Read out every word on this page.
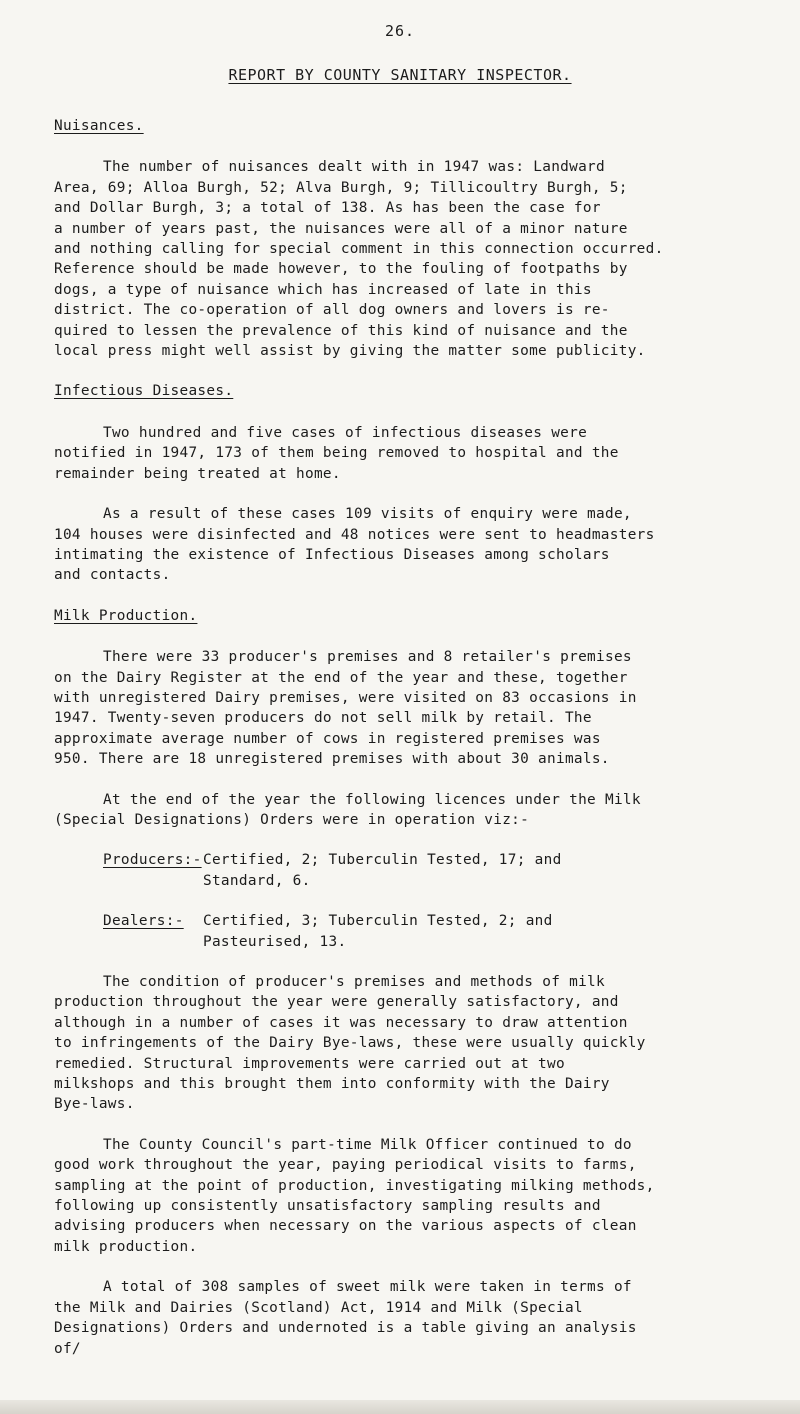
26.
REPORT BY COUNTY SANITARY INSPECTOR.
Nuisances.
The number of nuisances dealt with in 1947 was: Landward
Area, 69; Alloa Burgh, 52; Alva Burgh, 9; Tillicoultry Burgh, 5;
and Dollar Burgh, 3; a total of 138. As has been the case for
a number of years past, the nuisances were all of a minor nature
and nothing calling for special comment in this connection occurred.
Reference should be made however, to the fouling of footpaths by
dogs, a type of nuisance which has increased of late in this
district. The co-operation of all dog owners and lovers is re-
quired to lessen the prevalence of this kind of nuisance and the
local press might well assist by giving the matter some publicity.
Infectious Diseases.
Two hundred and five cases of infectious diseases were
notified in 1947, 173 of them being removed to hospital and the
remainder being treated at home.
As a result of these cases 109 visits of enquiry were made,
104 houses were disinfected and 48 notices were sent to headmasters
intimating the existence of Infectious Diseases among scholars
and contacts.
Milk Production.
There were 33 producer's premises and 8 retailer's premises
on the Dairy Register at the end of the year and these, together
with unregistered Dairy premises, were visited on 83 occasions in
1947. Twenty-seven producers do not sell milk by retail. The
approximate average number of cows in registered premises was
950. There are 18 unregistered premises with about 30 animals.
At the end of the year the following licences under the Milk
(Special Designations) Orders were in operation viz:-
Producers:- Certified, 2; Tuberculin Tested, 17; and
Standard, 6.
Dealers:- Certified, 3; Tuberculin Tested, 2; and
Pasteurised, 13.
The condition of producer's premises and methods of milk
production throughout the year were generally satisfactory, and
although in a number of cases it was necessary to draw attention
to infringements of the Dairy Bye-laws, these were usually quickly
remedied. Structural improvements were carried out at two
milkshops and this brought them into conformity with the Dairy
Bye-laws.
The County Council's part-time Milk Officer continued to do
good work throughout the year, paying periodical visits to farms,
sampling at the point of production, investigating milking methods,
following up consistently unsatisfactory sampling results and
advising producers when necessary on the various aspects of clean
milk production.
A total of 308 samples of sweet milk were taken in terms of
the Milk and Dairies (Scotland) Act, 1914 and Milk (Special
Designations) Orders and undernoted is a table giving an analysis
of/
